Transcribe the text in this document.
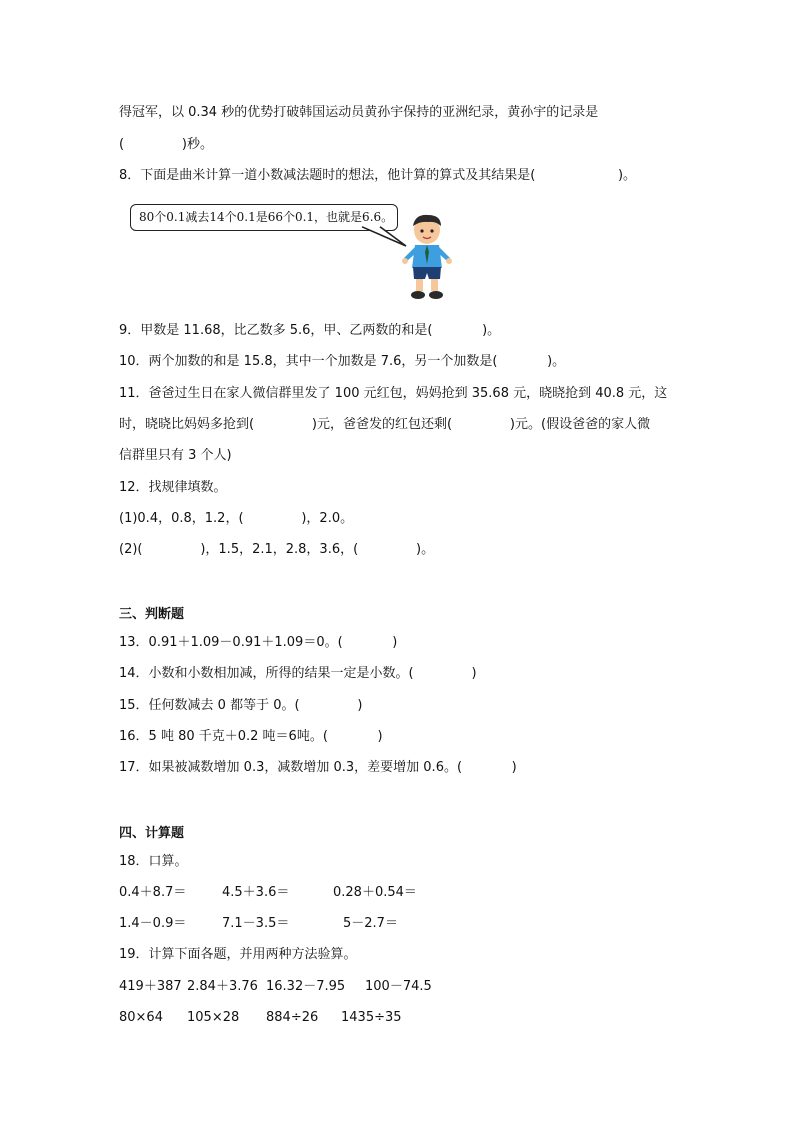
得冠军，以 0.34 秒的优势打破韩国运动员黄孙宇保持的亚洲纪录，黄孙宇的记录是
(              )秒。
8．下面是曲米计算一道小数减法题时的想法，他计算的算式及其结果是(                    )。
80个0.1减去14个0.1是66个0.1，也就是6.6。
9．甲数是 11.68，比乙数多 5.6，甲、乙两数的和是(            )。
10．两个加数的和是 15.8，其中一个加数是 7.6，另一个加数是(            )。
11．爸爸过生日在家人微信群里发了 100 元红包，妈妈抢到 35.68 元，晓晓抢到 40.8 元，这
时，晓晓比妈妈多抢到(              )元，爸爸发的红包还剩(              )元。(假设爸爸的家人微
信群里只有 3 个人)
12．找规律填数。
(1)0.4，0.8，1.2，(              )，2.0。
(2)(              )，1.5，2.1，2.8，3.6，(              )。
三、判断题
13．0.91＋1.09－0.91＋1.09＝0。(            )
14．小数和小数相加减，所得的结果一定是小数。(              )
15．任何数减去 0 都等于 0。(              )
16．5 吨 80 千克＋0.2 吨＝6吨。(            )
17．如果被减数增加 0.3，减数增加 0.3，差要增加 0.6。(            )
四、计算题
18．口算。
0.4＋8.7＝	4.5＋3.6＝	0.28＋0.54＝
1.4－0.9＝	7.1－3.5＝	5－2.7＝
19．计算下面各题，并用两种方法验算。
419＋387 2.84＋3.76 16.32－7.95 100－74.5
80×64 105×28 884÷26 1435÷35
